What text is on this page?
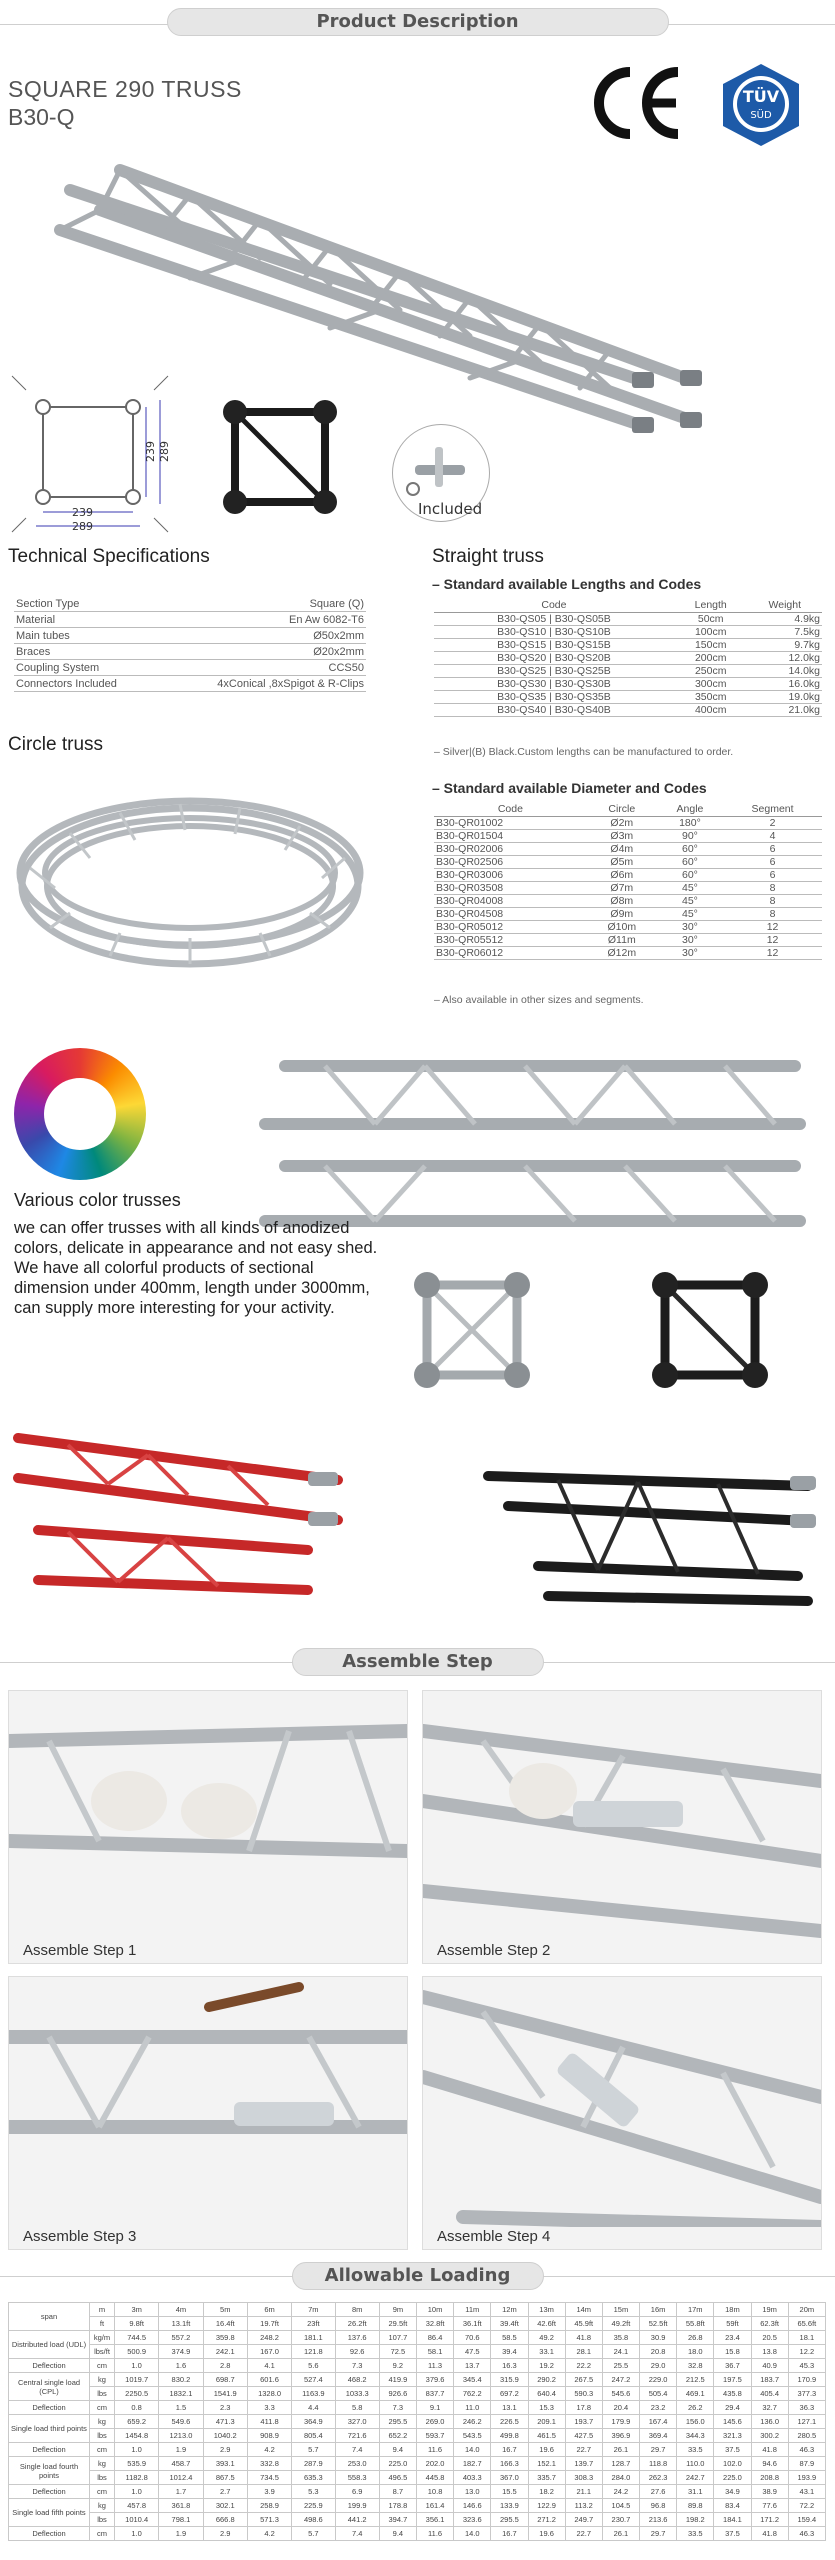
Product Description
SQUARE 290 TRUSS
B30-Q
TÜV
SÜD
239
289
239 289
Included
Technical Specifications
Section Type	Square (Q)
Material	En Aw 6082-T6
Main tubes	Ø50x2mm
Braces	Ø20x2mm
Coupling System	CCS50
Connectors Included	4xConical ,8xSpigot & R-Clips
Straight truss
– Standard available Lengths and Codes
Code	Length	Weight
B30-QS05 | B30-QS05B	50cm	4.9kg
B30-QS10 | B30-QS10B	100cm	7.5kg
B30-QS15 | B30-QS15B	150cm	9.7kg
B30-QS20 | B30-QS20B	200cm	12.0kg
B30-QS25 | B30-QS25B	250cm	14.0kg
B30-QS30 | B30-QS30B	300cm	16.0kg
B30-QS35 | B30-QS35B	350cm	19.0kg
B30-QS40 | B30-QS40B	400cm	21.0kg
– Silver|(B) Black.Custom lengths can be manufactured to order.
Circle truss
– Standard available Diameter and Codes
Code	Circle	Angle	Segment
B30-QR01002	Ø2m	180°	2
B30-QR01504	Ø3m	90°	4
B30-QR02006	Ø4m	60°	6
B30-QR02506	Ø5m	60°	6
B30-QR03006	Ø6m	60°	6
B30-QR03508	Ø7m	45°	8
B30-QR04008	Ø8m	45°	8
B30-QR04508	Ø9m	45°	8
B30-QR05012	Ø10m	30°	12
B30-QR05512	Ø11m	30°	12
B30-QR06012	Ø12m	30°	12
– Also available in other sizes and segments.
Various color trusses
we can offer trusses with all kinds of anodized colors, delicate in appearance and not easy shed. We have all colorful products of sectional dimension under 400mm, length under 3000mm, can supply more interesting for your activity.
Assemble Step
Assemble Step 1	Assemble Step 2
Assemble Step 3	Assemble Step 4
Allowable Loading
span	m	3m	4m	5m	6m	7m	8m	9m	10m	11m	12m	13m	14m	15m	16m	17m	18m	19m	20m
	ft	9.8ft	13.1ft	16.4ft	19.7ft	23ft	26.2ft	29.5ft	32.8ft	36.1ft	39.4ft	42.6ft	45.9ft	49.2ft	52.5ft	55.8ft	59ft	62.3ft	65.6ft
Distributed load (UDL)	kg/m	744.5	557.2	359.8	248.2	181.1	137.6	107.7	86.4	70.6	58.5	49.2	41.8	35.8	30.9	26.8	23.4	20.5	18.1
	lbs/ft	500.9	374.9	242.1	167.0	121.8	92.6	72.5	58.1	47.5	39.4	33.1	28.1	24.1	20.8	18.0	15.8	13.8	12.2
Deflection	cm	1.0	1.6	2.8	4.1	5.6	7.3	9.2	11.3	13.7	16.3	19.2	22.2	25.5	29.0	32.8	36.7	40.9	45.3
Central single load (CPL)	kg	1019.7	830.2	698.7	601.6	527.4	468.2	419.9	379.6	345.4	315.9	290.2	267.5	247.2	229.0	212.5	197.5	183.7	170.9
	lbs	2250.5	1832.1	1541.9	1328.0	1163.9	1033.3	926.6	837.7	762.2	697.2	640.4	590.3	545.6	505.4	469.1	435.8	405.4	377.3
Deflection	cm	0.8	1.5	2.3	3.3	4.4	5.8	7.3	9.1	11.0	13.1	15.3	17.8	20.4	23.2	26.2	29.4	32.7	36.3
Single load third points	kg	659.2	549.6	471.3	411.8	364.9	327.0	295.5	269.0	246.2	226.5	209.1	193.7	179.9	167.4	156.0	145.6	136.0	127.1
	lbs	1454.8	1213.0	1040.2	908.9	805.4	721.6	652.2	593.7	543.5	499.8	461.5	427.5	396.9	369.4	344.3	321.3	300.2	280.5
Deflection	cm	1.0	1.9	2.9	4.2	5.7	7.4	9.4	11.6	14.0	16.7	19.6	22.7	26.1	29.7	33.5	37.5	41.8	46.3
Single load fourth points	kg	535.9	458.7	393.1	332.8	287.9	253.0	225.0	202.0	182.7	166.3	152.1	139.7	128.7	118.8	110.0	102.0	94.6	87.9
	lbs	1182.8	1012.4	867.5	734.5	635.3	558.3	496.5	445.8	403.3	367.0	335.7	308.3	284.0	262.3	242.7	225.0	208.8	193.9
Deflection	cm	1.0	1.7	2.7	3.9	5.3	6.9	8.7	10.8	13.0	15.5	18.2	21.1	24.2	27.6	31.1	34.9	38.9	43.1
Single load fifth points	kg	457.8	361.8	302.1	258.9	225.9	199.9	178.8	161.4	146.6	133.9	122.9	113.2	104.5	96.8	89.8	83.4	77.6	72.2
	lbs	1010.4	798.1	666.8	571.3	498.6	441.2	394.7	356.1	323.6	295.5	271.2	249.7	230.7	213.6	198.2	184.1	171.2	159.4
Deflection	cm	1.0	1.9	2.9	4.2	5.7	7.4	9.4	11.6	14.0	16.7	19.6	22.7	26.1	29.7	33.5	37.5	41.8	46.3
